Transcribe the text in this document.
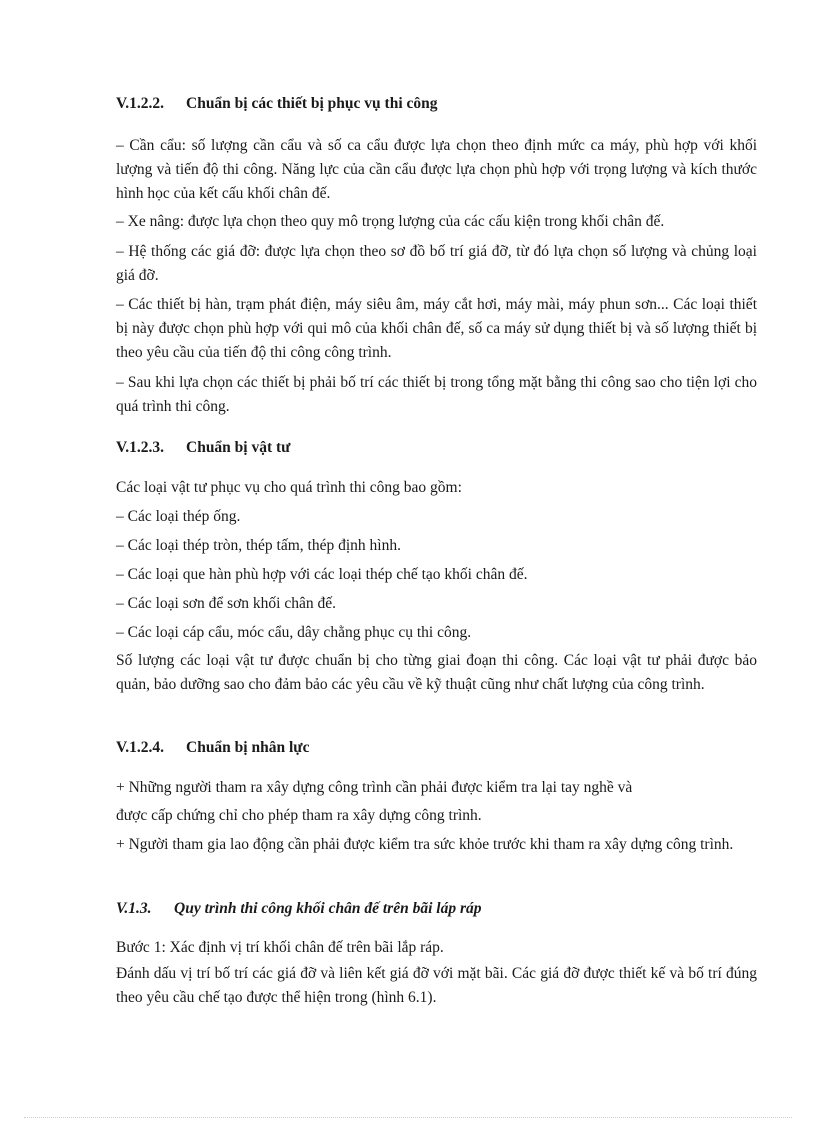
V.1.2.2. Chuẩn bị các thiết bị phục vụ thi công

– Cần cẩu: số lượng cần cẩu và số ca cẩu được lựa chọn theo định mức ca máy, phù hợp với khối lượng và tiến độ thi công. Năng lực của cần cẩu được lựa chọn phù hợp với trọng lượng và kích thước hình học của kết cấu khối chân đế.

– Xe nâng: được lựa chọn theo quy mô trọng lượng của các cấu kiện trong khối chân đế.

– Hệ thống các giá đỡ: được lựa chọn theo sơ đồ bố trí giá đỡ, từ đó lựa chọn số lượng và chủng loại giá đỡ.

– Các thiết bị hàn, trạm phát điện, máy siêu âm, máy cắt hơi, máy mài, máy phun sơn... Các loại thiết bị này được chọn phù hợp với qui mô của khối chân đế, số ca máy sử dụng thiết bị và số lượng thiết bị theo yêu cầu của tiến độ thi công công trình.

– Sau khi lựa chọn các thiết bị phải bố trí các thiết bị trong tổng mặt bằng thi công sao cho tiện lợi cho quá trình thi công.

V.1.2.3. Chuẩn bị vật tư

Các loại vật tư phục vụ cho quá trình thi công bao gồm:

– Các loại thép ống.

– Các loại thép tròn, thép tấm, thép định hình.

– Các loại que hàn phù hợp với các loại thép chế tạo khối chân đế.

– Các loại sơn để sơn khối chân đế.

– Các loại cáp cẩu, móc cẩu, dây chằng phục cụ thi công.

Số lượng các loại vật tư được chuẩn bị cho từng giai đoạn thi công. Các loại vật tư phải được bảo quản, bảo dưỡng sao cho đảm bảo các yêu cầu về kỹ thuật cũng như chất lượng của công trình.

V.1.2.4. Chuẩn bị nhân lực

+ Những người tham ra xây dựng công trình cần phải được kiểm tra lại tay nghề và

được cấp chứng chỉ cho phép tham ra xây dựng công trình.

+ Người tham gia lao động cần phải được kiểm tra sức khỏe trước khi tham ra xây dựng công trình.

V.1.3. Quy trình thi công khối chân đế trên bãi láp ráp

Bước 1: Xác định vị trí khối chân đế trên bãi lắp ráp.

Đánh dấu vị trí bố trí các giá đỡ và liên kết giá đỡ với mặt bãi. Các giá đỡ được thiết kế và bố trí đúng theo yêu cầu chế tạo được thể hiện trong (hình 6.1).
